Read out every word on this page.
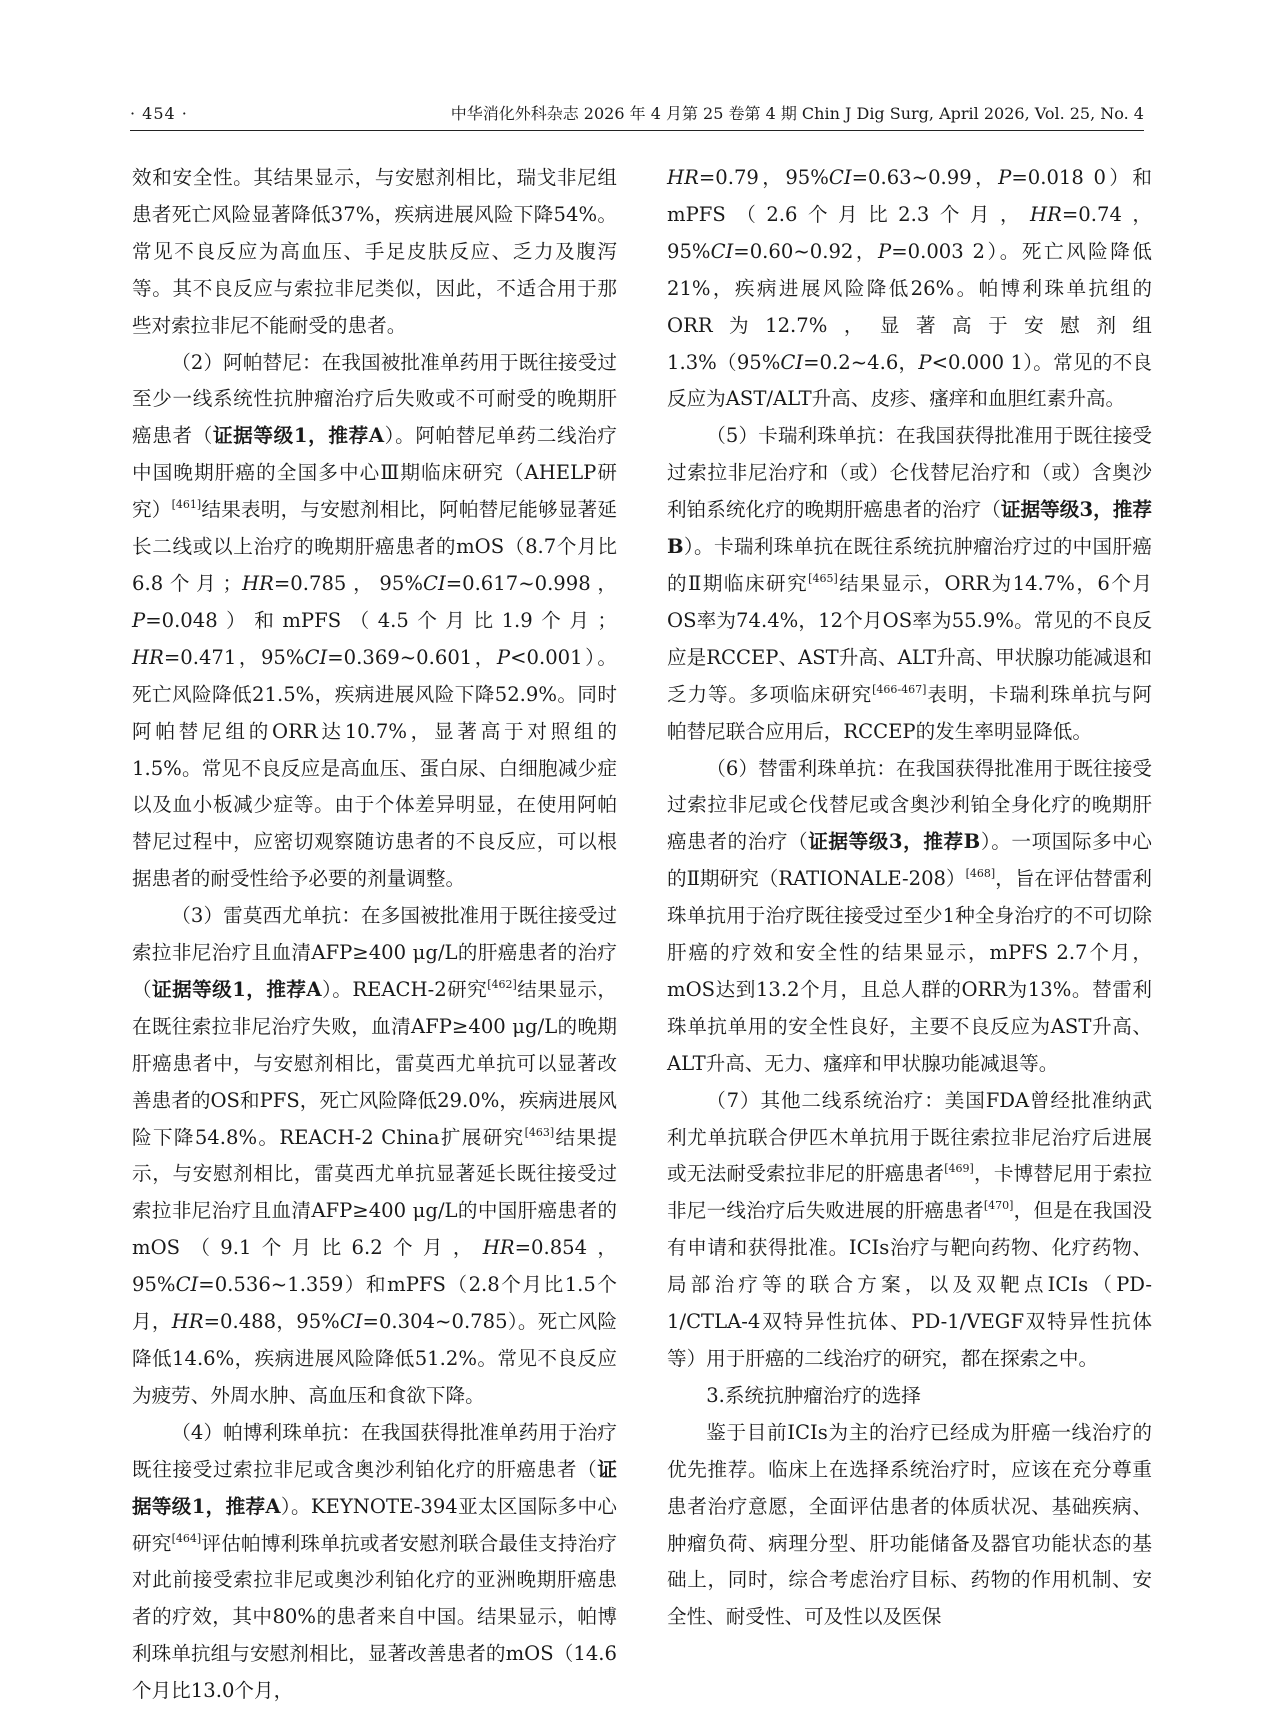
· 454 ·	中华消化外科杂志 2026 年 4 月第 25 卷第 4 期 Chin J Dig Surg, April 2026, Vol. 25, No. 4

效和安全性。其结果显示，与安慰剂相比，瑞戈非尼组患者死亡风险显著降低37%，疾病进展风险下降54%。常见不良反应为高血压、手足皮肤反应、乏力及腹泻等。其不良反应与索拉非尼类似，因此，不适合用于那些对索拉非尼不能耐受的患者。

（2）阿帕替尼：在我国被批准单药用于既往接受过至少一线系统性抗肿瘤治疗后失败或不可耐受的晚期肝癌患者（证据等级1，推荐A）。阿帕替尼单药二线治疗中国晚期肝癌的全国多中心Ⅲ期临床研究（AHELP研究）[461]结果表明，与安慰剂相比，阿帕替尼能够显著延长二线或以上治疗的晚期肝癌患者的mOS（8.7个月比6.8个月；HR=0.785，95%CI=0.617~0.998，P=0.048）和mPFS（4.5个月比1.9个月；HR=0.471，95%CI=0.369~0.601，P<0.001）。死亡风险降低21.5%，疾病进展风险下降52.9%。同时阿帕替尼组的ORR达10.7%，显著高于对照组的1.5%。常见不良反应是高血压、蛋白尿、白细胞减少症以及血小板减少症等。由于个体差异明显，在使用阿帕替尼过程中，应密切观察随访患者的不良反应，可以根据患者的耐受性给予必要的剂量调整。

（3）雷莫西尤单抗：在多国被批准用于既往接受过索拉非尼治疗且血清AFP≥400 μg/L的肝癌患者的治疗（证据等级1，推荐A）。REACH-2研究[462]结果显示，在既往索拉非尼治疗失败，血清AFP≥400 μg/L的晚期肝癌患者中，与安慰剂相比，雷莫西尤单抗可以显著改善患者的OS和PFS，死亡风险降低29.0%，疾病进展风险下降54.8%。REACH-2 China扩展研究[463]结果提示，与安慰剂相比，雷莫西尤单抗显著延长既往接受过索拉非尼治疗且血清AFP≥400 μg/L的中国肝癌患者的mOS（9.1个月比6.2个月，HR=0.854，95%CI=0.536~1.359）和mPFS（2.8个月比1.5个月，HR=0.488，95%CI=0.304~0.785）。死亡风险降低14.6%，疾病进展风险降低51.2%。常见不良反应为疲劳、外周水肿、高血压和食欲下降。

（4）帕博利珠单抗：在我国获得批准单药用于治疗既往接受过索拉非尼或含奥沙利铂化疗的肝癌患者（证据等级1，推荐A）。KEYNOTE-394亚太区国际多中心研究[464]评估帕博利珠单抗或者安慰剂联合最佳支持治疗对此前接受索拉非尼或奥沙利铂化疗的亚洲晚期肝癌患者的疗效，其中80%的患者来自中国。结果显示，帕博利珠单抗组与安慰剂相比，显著改善患者的mOS（14.6个月比13.0个月，

HR=0.79，95%CI=0.63~0.99，P=0.018 0）和mPFS（2.6个月比2.3个月，HR=0.74，95%CI=0.60~0.92，P=0.003 2）。死亡风险降低21%，疾病进展风险降低26%。帕博利珠单抗组的ORR为12.7%，显著高于安慰剂组1.3%（95%CI=0.2~4.6，P<0.000 1）。常见的不良反应为AST/ALT升高、皮疹、瘙痒和血胆红素升高。

（5）卡瑞利珠单抗：在我国获得批准用于既往接受过索拉非尼治疗和（或）仑伐替尼治疗和（或）含奥沙利铂系统化疗的晚期肝癌患者的治疗（证据等级3，推荐B）。卡瑞利珠单抗在既往系统抗肿瘤治疗过的中国肝癌的Ⅱ期临床研究[465]结果显示，ORR为14.7%，6个月OS率为74.4%，12个月OS率为55.9%。常见的不良反应是RCCEP、AST升高、ALT升高、甲状腺功能减退和乏力等。多项临床研究[466-467]表明，卡瑞利珠单抗与阿帕替尼联合应用后，RCCEP的发生率明显降低。

（6）替雷利珠单抗：在我国获得批准用于既往接受过索拉非尼或仑伐替尼或含奥沙利铂全身化疗的晚期肝癌患者的治疗（证据等级3，推荐B）。一项国际多中心的Ⅱ期研究（RATIONALE-208）[468]，旨在评估替雷利珠单抗用于治疗既往接受过至少1种全身治疗的不可切除肝癌的疗效和安全性的结果显示，mPFS 2.7个月，mOS达到13.2个月，且总人群的ORR为13%。替雷利珠单抗单用的安全性良好，主要不良反应为AST升高、ALT升高、无力、瘙痒和甲状腺功能减退等。

（7）其他二线系统治疗：美国FDA曾经批准纳武利尤单抗联合伊匹木单抗用于既往索拉非尼治疗后进展或无法耐受索拉非尼的肝癌患者[469]，卡博替尼用于索拉非尼一线治疗后失败进展的肝癌患者[470]，但是在我国没有申请和获得批准。ICIs治疗与靶向药物、化疗药物、局部治疗等的联合方案，以及双靶点ICIs（PD-1/CTLA-4双特异性抗体、PD-1/VEGF双特异性抗体等）用于肝癌的二线治疗的研究，都在探索之中。

3.系统抗肿瘤治疗的选择

鉴于目前ICIs为主的治疗已经成为肝癌一线治疗的优先推荐。临床上在选择系统治疗时，应该在充分尊重患者治疗意愿，全面评估患者的体质状况、基础疾病、肿瘤负荷、病理分型、肝功能储备及器官功能状态的基础上，同时，综合考虑治疗目标、药物的作用机制、安全性、耐受性、可及性以及医保
